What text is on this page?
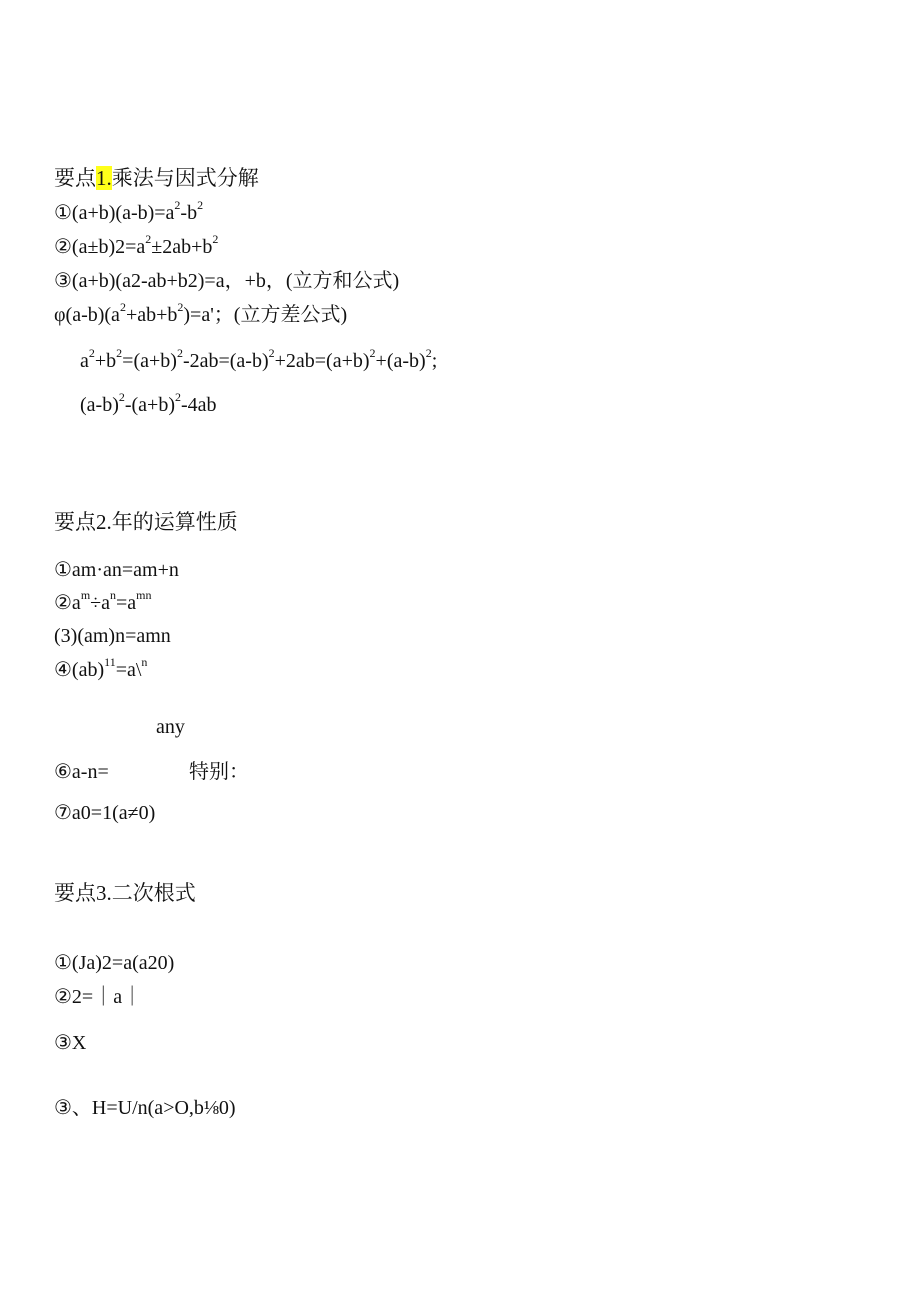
要点1.乘法与因式分解
$①(a+b)(a-b)=a^2-b^2$
$②(a\pm b)2=a^2\pm 2ab+b^2$
③(a+b)(a2-ab+b2)=a，+b，(立方和公式)
$\varphi(a-b)(a^2+ab+b^2)=a'$；(立方差公式)
$a^2+b^2=(a+b)^2-2ab=(a-b)^2+2ab=(a+b)^2+(a-b)^2$;
$(a-b)^2-(a+b)^2-4ab$
要点2.年的运算性质
①am·an=am+n
$②a^m\div a^n=a^{mn}$
(3)(am)n=amn
④(ab)$^{11}$=a\$^n$
any
⑥a-n=	特别：
⑦a0=1(a≠0)
要点3.二次根式
①(Ja)2=a(a20)
②2=｜a｜
③X
③、H=U/n(a>O,b⅛0)
